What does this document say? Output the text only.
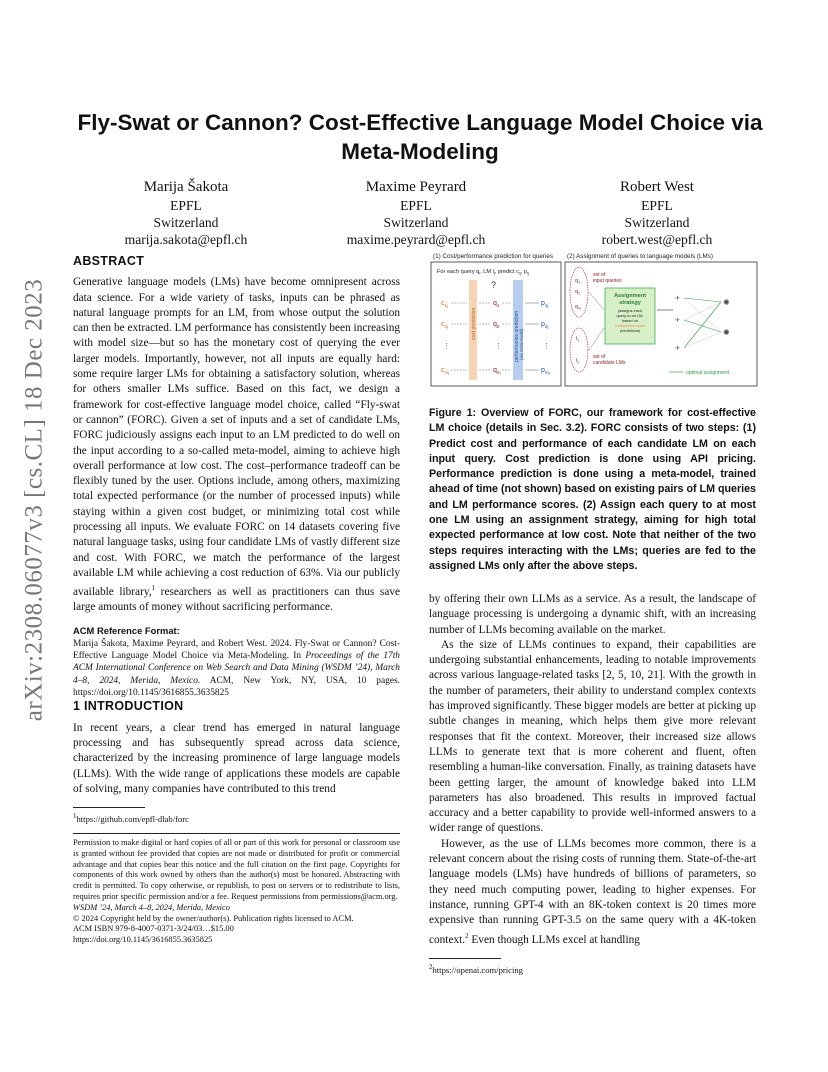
arXiv:2308.06077v3 [cs.CL] 18 Dec 2023
Fly-Swat or Cannon? Cost-Effective Language Model Choice via Meta-Modeling
Marija Šakota
EPFL
Switzerland
marija.sakota@epfl.ch
Maxime Peyrard
EPFL
Switzerland
maxime.peyrard@epfl.ch
Robert West
EPFL
Switzerland
robert.west@epfl.ch
ABSTRACT

Generative language models (LMs) have become omnipresent across data science. For a wide variety of tasks, inputs can be phrased as natural language prompts for an LM, from whose output the solution can then be extracted. LM performance has consistently been increasing with model size—but so has the monetary cost of querying the ever larger models. Importantly, however, not all inputs are equally hard: some require larger LMs for obtaining a satisfactory solution, whereas for others smaller LMs suffice. Based on this fact, we design a framework for cost-effective language model choice, called “Fly-swat or cannon” (FORC). Given a set of inputs and a set of candidate LMs, FORC judiciously assigns each input to an LM predicted to do well on the input according to a so-called meta-model, aiming to achieve high overall performance at low cost. The cost–performance tradeoff can be flexibly tuned by the user. Options include, among others, maximizing total expected performance (or the number of processed inputs) while staying within a given cost budget, or minimizing total cost while processing all inputs. We evaluate FORC on 14 datasets covering five natural language tasks, using four candidate LMs of vastly different size and cost. With FORC, we match the performance of the largest available LM while achieving a cost reduction of 63%. Via our publicly available library,$^1$ researchers as well as practitioners can thus save large amounts of money without sacrificing performance.

ACM Reference Format:

Marija Šakota, Maxime Peyrard, and Robert West. 2024. Fly-Swat or Cannon? Cost-Effective Language Model Choice via Meta-Modeling. In Proceedings of the 17th ACM International Conference on Web Search and Data Mining (WSDM ’24), March 4–8, 2024, Merida, Mexico. ACM, New York, NY, USA, 10 pages. https://doi.org/10.1145/3616855.3635825

1 INTRODUCTION

In recent years, a clear trend has emerged in natural language processing and has subsequently spread across data science, characterized by the increasing prominence of large language models (LLMs). With the wide range of applications these models are capable of solving, many companies have contributed to this trend

$^1$https://github.com/epfl-dlab/forc

Permission to make digital or hard copies of all or part of this work for personal or classroom use is granted without fee provided that copies are not made or distributed for profit or commercial advantage and that copies bear this notice and the full citation on the first page. Copyrights for components of this work owned by others than the author(s) must be honored. Abstracting with credit is permitted. To copy otherwise, or republish, to post on servers or to redistribute to lists, requires prior specific permission and/or a fee. Request permissions from permissions@acm.org.

WSDM ’24, March 4–8, 2024, Merida, Mexico

© 2024 Copyright held by the owner/author(s). Publication rights licensed to ACM.

ACM ISBN 979-8-4007-0371-3/24/03…$15.00

https://doi.org/10.1145/3616855.3635825

(1) Cost/performance prediction for queries
For each query $q_i$, LM $l_j$, predict $c_{ij}$, $p_{ij}$
cost prediction	performance prediction (via meta-model)
$c_{1j}$	$q_1$	$p_{1j}$
$c_{2j}$	$q_2$	$p_{2j}$
⋮	⋮	⋮
$c_{mj}$	$q_m$	$p_{mj}$
?
(2) Assignment of queries to language models (LMs)
$q_1$
$q_2$
$q_m$
set of
input queries
$l_1$
$l_2$
set of
candidate LMs
Assignment
strategy
(assigns each
query to an LM,
based on
cost/performance
predictions)
✈
✈
✈
✺
✺
optimal assignment

Figure 1: Overview of FORC, our framework for cost-effective LM choice (details in Sec. 3.2). FORC consists of two steps: (1) Predict cost and performance of each candidate LM on each input query. Cost prediction is done using API pricing. Performance prediction is done using a meta-model, trained ahead of time (not shown) based on existing pairs of LM queries and LM performance scores. (2) Assign each query to at most one LM using an assignment strategy, aiming for high total expected performance at low cost. Note that neither of the two steps requires interacting with the LMs; queries are fed to the assigned LMs only after the above steps.

by offering their own LLMs as a service. As a result, the landscape of language processing is undergoing a dynamic shift, with an increasing number of LLMs becoming available on the market.

As the size of LLMs continues to expand, their capabilities are undergoing substantial enhancements, leading to notable improvements across various language-related tasks [2, 5, 10, 21]. With the growth in the number of parameters, their ability to understand complex contexts has improved significantly. These bigger models are better at picking up subtle changes in meaning, which helps them give more relevant responses that fit the context. Moreover, their increased size allows LLMs to generate text that is more coherent and fluent, often resembling a human-like conversation. Finally, as training datasets have been getting larger, the amount of knowledge baked into LLM parameters has also broadened. This results in improved factual accuracy and a better capability to provide well-informed answers to a wider range of questions.

However, as the use of LLMs becomes more common, there is a relevant concern about the rising costs of running them. State-of-the-art language models (LMs) have hundreds of billions of parameters, so they need much computing power, leading to higher expenses. For instance, running GPT-4 with an 8K-token context is 20 times more expensive than running GPT-3.5 on the same query with a 4K-token context.$^2$ Even though LLMs excel at handling

$^2$https://openai.com/pricing
